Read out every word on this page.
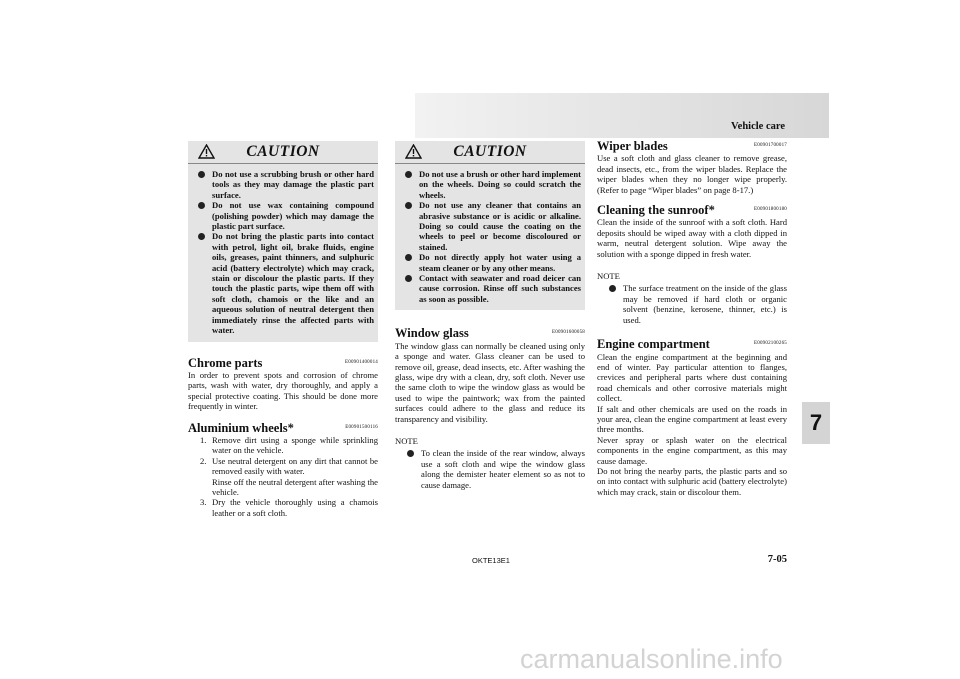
Vehicle care
CAUTION
Do not use a scrubbing brush or other hard tools as they may damage the plastic part surface.
Do not use wax containing compound (polishing powder) which may damage the plastic part surface.
Do not bring the plastic parts into contact with petrol, light oil, brake fluids, engine oils, greases, paint thinners, and sulphuric acid (battery electrolyte) which may crack, stain or discolour the plastic parts. If they touch the plastic parts, wipe them off with soft cloth, chamois or the like and an aqueous solution of neutral detergent then immediately rinse the affected parts with water.
Chrome parts	E00901400014

In order to prevent spots and corrosion of chrome parts, wash with water, dry thoroughly, and apply a special protective coating. This should be done more frequently in winter.

Aluminium wheels*	E00901500116
1. Remove dirt using a sponge while sprinkling water on the vehicle.
2. Use neutral detergent on any dirt that cannot be removed easily with water.
Rinse off the neutral detergent after washing the vehicle.
3. Dry the vehicle thoroughly using a chamois leather or a soft cloth.
CAUTION
Do not use a brush or other hard implement on the wheels. Doing so could scratch the wheels.
Do not use any cleaner that contains an abrasive substance or is acidic or alkaline. Doing so could cause the coating on the wheels to peel or become discoloured or stained.
Do not directly apply hot water using a steam cleaner or by any other means.
Contact with seawater and road deicer can cause corrosion. Rinse off such substances as soon as possible.
Window glass	E00901600058

The window glass can normally be cleaned using only a sponge and water. Glass cleaner can be used to remove oil, grease, dead insects, etc. After washing the glass, wipe dry with a clean, dry, soft cloth. Never use the same cloth to wipe the window glass as would be used to wipe the paintwork; wax from the painted surfaces could adhere to the glass and reduce its transparency and visibility.

NOTE
To clean the inside of the rear window, always use a soft cloth and wipe the window glass along the demister heater element so as not to cause damage.
Wiper blades	E00901700017

Use a soft cloth and glass cleaner to remove grease, dead insects, etc., from the wiper blades. Replace the wiper blades when they no longer wipe properly. (Refer to page “Wiper blades” on page 8-17.)

Cleaning the sunroof*	E00901800180

Clean the inside of the sunroof with a soft cloth. Hard deposits should be wiped away with a cloth dipped in warm, neutral detergent solution. Wipe away the solution with a sponge dipped in fresh water.

NOTE
The surface treatment on the inside of the glass may be removed if hard cloth or organic solvent (benzine, kerosene, thinner, etc.) is used.
Engine compartment	E00902100265

Clean the engine compartment at the beginning and end of winter. Pay particular attention to flanges, crevices and peripheral parts where dust containing road chemicals and other corrosive materials might collect.

If salt and other chemicals are used on the roads in your area, clean the engine compartment at least every three months.

Never spray or splash water on the electrical components in the engine compartment, as this may cause damage.

Do not bring the nearby parts, the plastic parts and so on into contact with sulphuric acid (battery electrolyte) which may crack, stain or discolour them.

7
OKTE13E1	7-05
carmanualsonline.info
